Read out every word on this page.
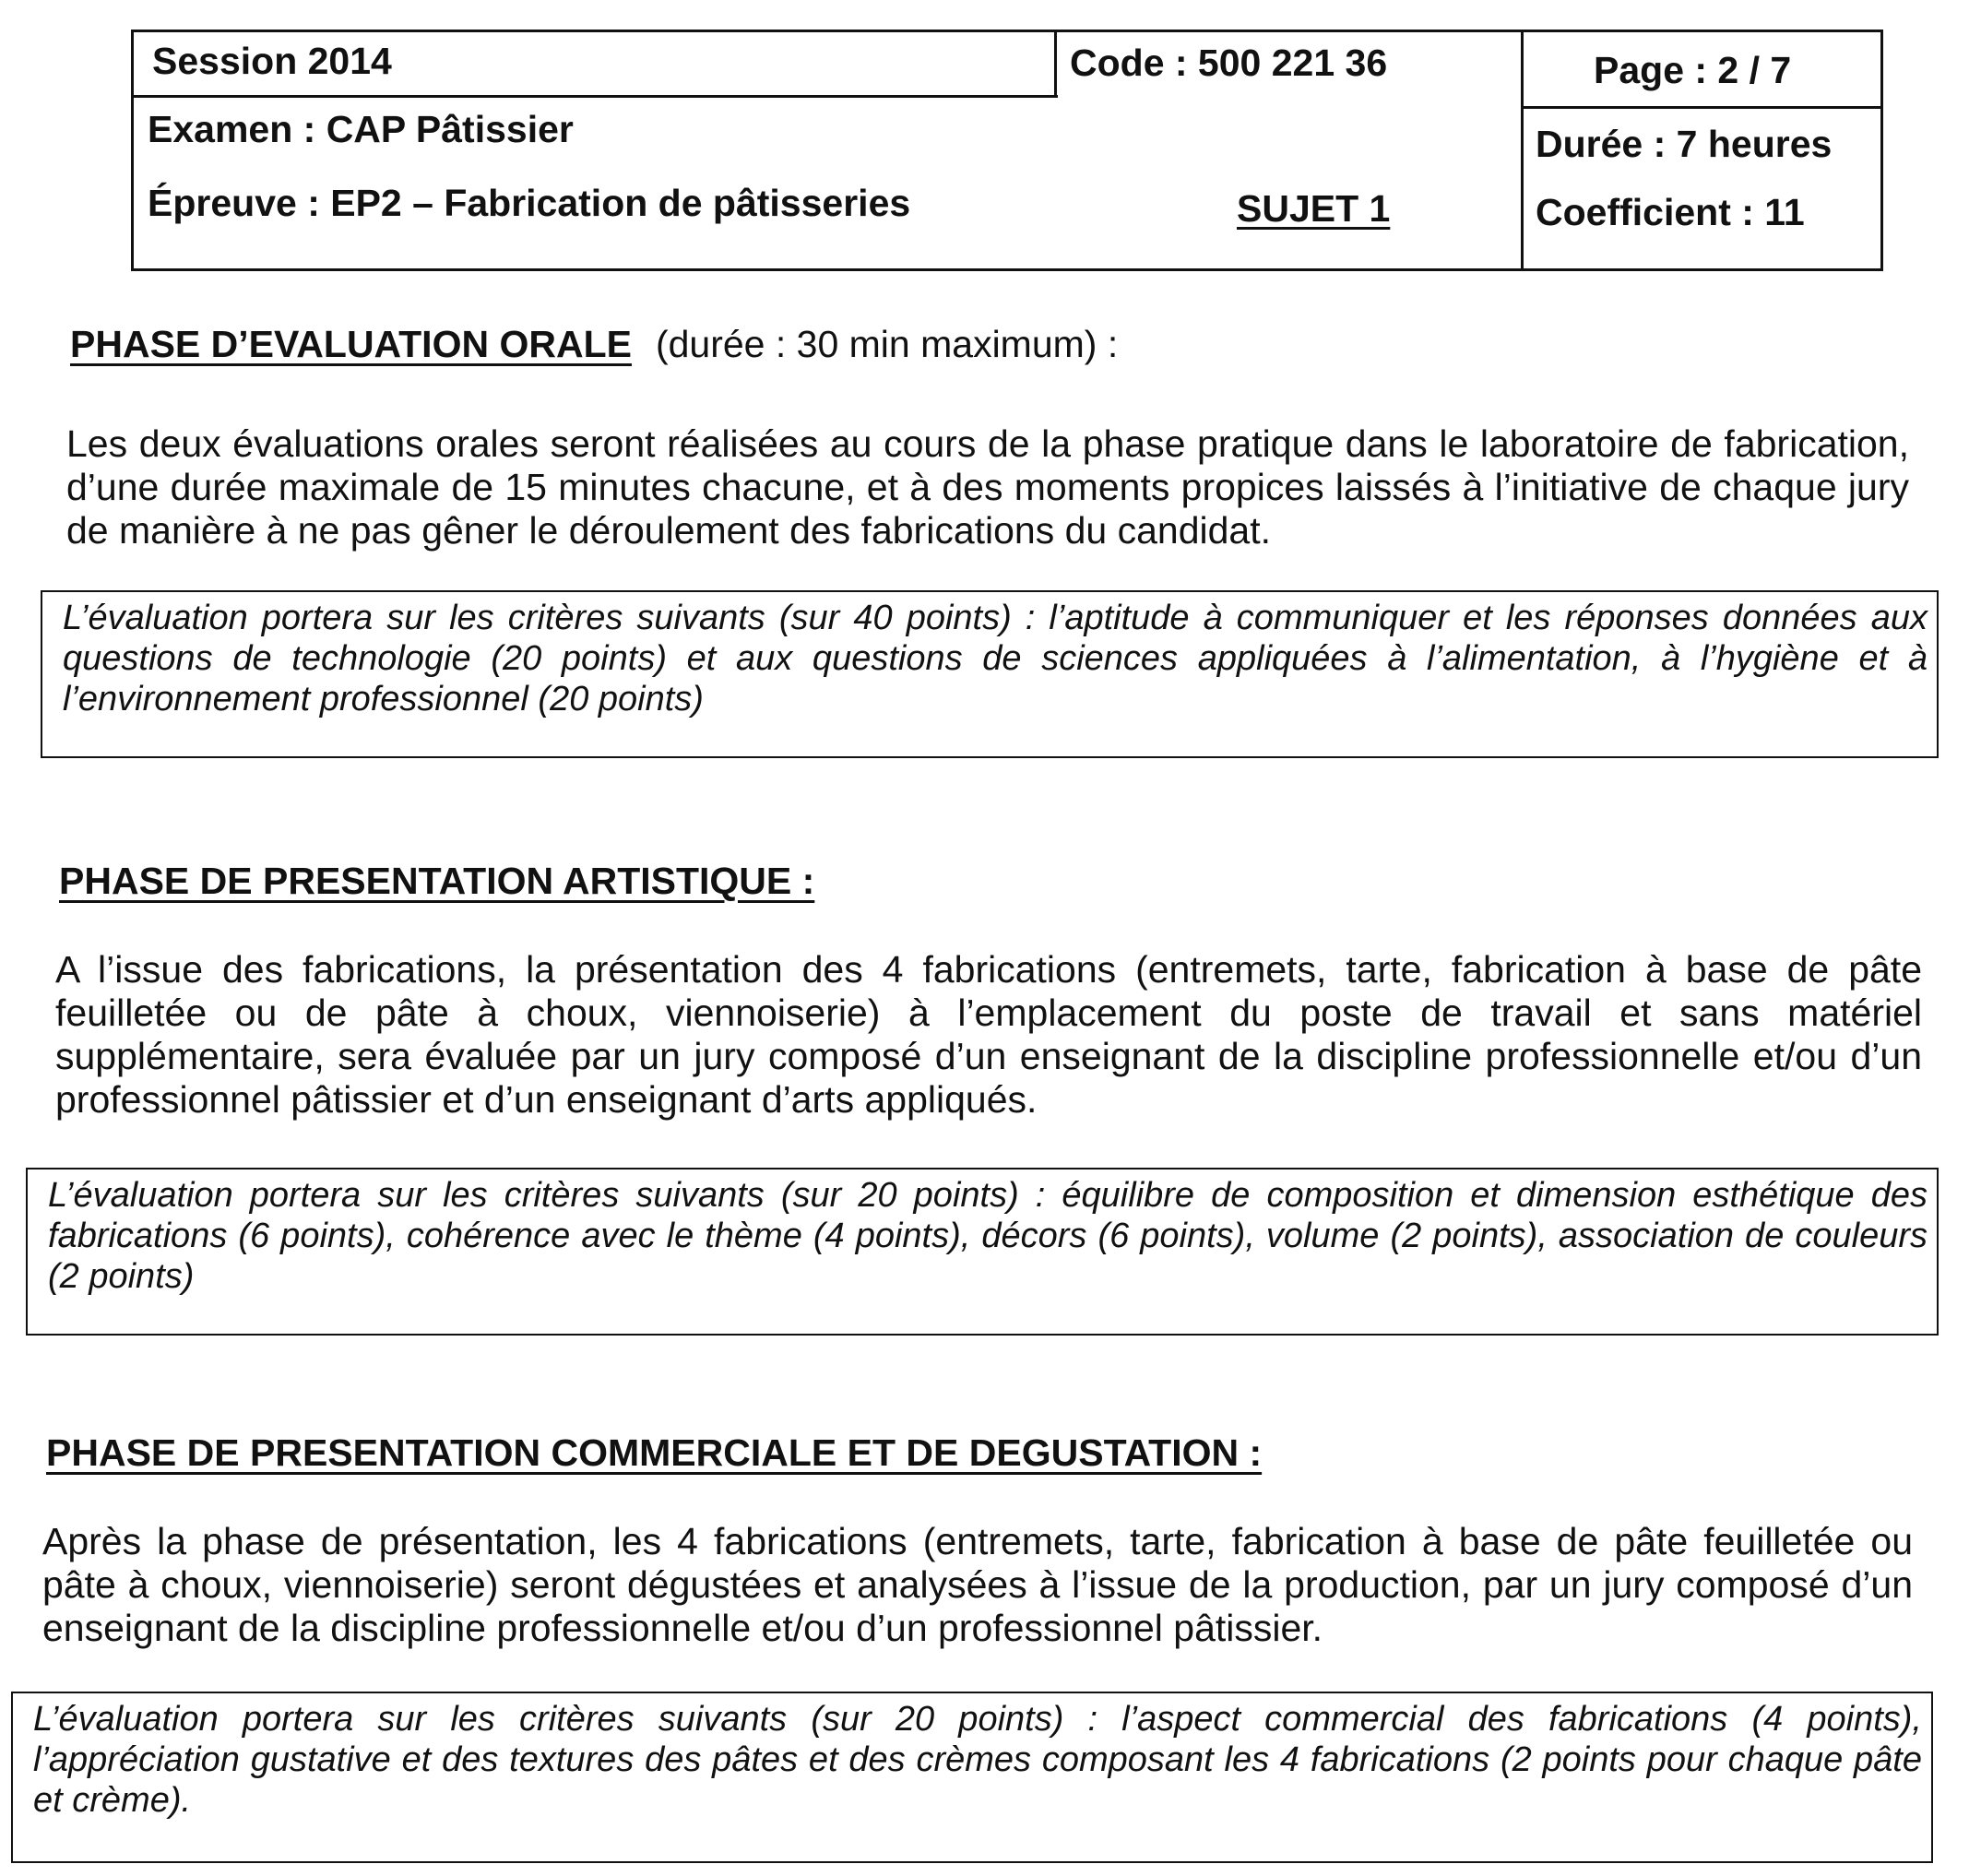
Session 2014	Code : 500 221 36	Page : 2 / 7
Examen : CAP Pâtissier	Durée : 7 heures
Épreuve : EP2 – Fabrication de pâtisseries	SUJET 1	Coefficient : 11
PHASE D’EVALUATION ORALE (durée : 30 min maximum) :
Les deux évaluations orales seront réalisées au cours de la phase pratique dans le laboratoire de fabrication, d’une durée maximale de 15 minutes chacune, et à des moments propices laissés à l’initiative de chaque jury de manière à ne pas gêner le déroulement des fabrications du candidat.
L’évaluation portera sur les critères suivants (sur 40 points) : l’aptitude à communiquer et les réponses données aux questions de technologie (20 points) et aux questions de sciences appliquées à l’alimentation, à l’hygiène et à l’environnement professionnel (20 points)
PHASE DE PRESENTATION ARTISTIQUE :
A l’issue des fabrications, la présentation des 4 fabrications (entremets, tarte, fabrication à base de pâte feuilletée ou de pâte à choux, viennoiserie) à l’emplacement du poste de travail et sans matériel supplémentaire, sera évaluée par un jury composé d’un enseignant de la discipline professionnelle et/ou d’un professionnel pâtissier et d’un enseignant d’arts appliqués.
L’évaluation portera sur les critères suivants (sur 20 points) : équilibre de composition et dimension esthétique des fabrications (6 points), cohérence avec le thème (4 points), décors (6 points), volume (2 points), association de couleurs (2 points)
PHASE DE PRESENTATION COMMERCIALE ET DE DEGUSTATION :
Après la phase de présentation, les 4 fabrications (entremets, tarte, fabrication à base de pâte feuilletée ou pâte à choux, viennoiserie) seront dégustées et analysées à l’issue de la production, par un jury composé d’un enseignant de la discipline professionnelle et/ou d’un professionnel pâtissier.
L’évaluation portera sur les critères suivants (sur 20 points) : l’aspect commercial des fabrications (4 points), l’appréciation gustative et des textures des pâtes et des crèmes composant les 4 fabrications (2 points pour chaque pâte et crème).
